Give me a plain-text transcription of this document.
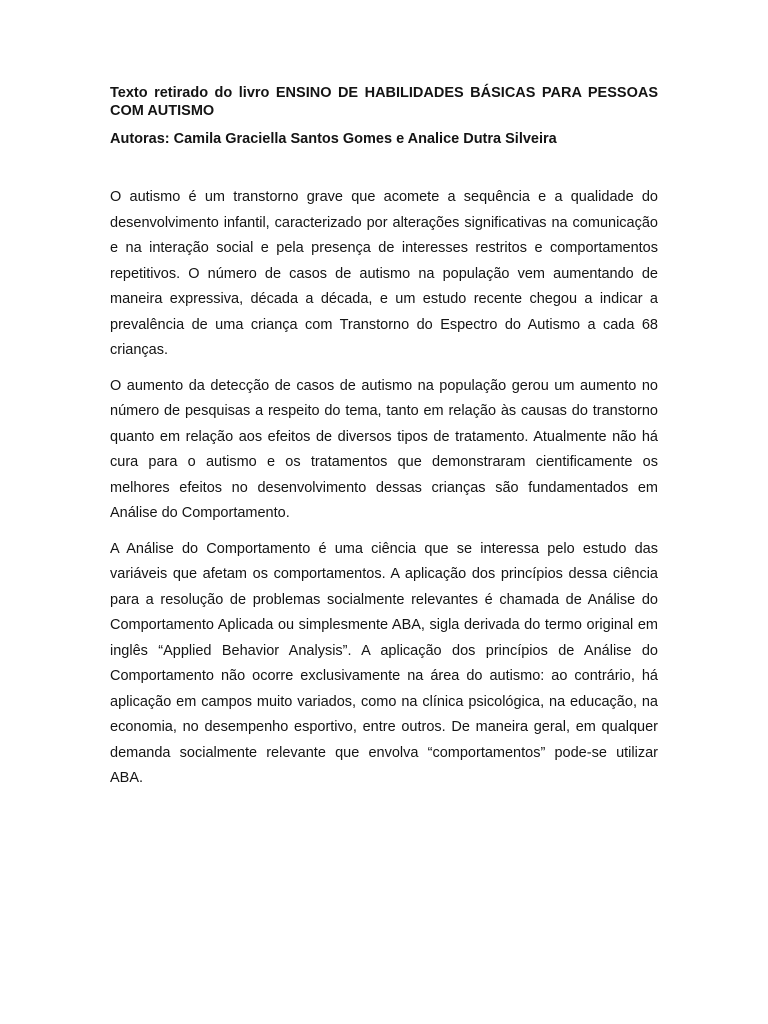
Texto retirado do livro ENSINO DE HABILIDADES BÁSICAS PARA PESSOAS COM AUTISMO

Autoras: Camila Graciella Santos Gomes e Analice Dutra Silveira

O autismo é um transtorno grave que acomete a sequência e a qualidade do desenvolvimento infantil, caracterizado por alterações significativas na comunicação e na interação social e pela presença de interesses restritos e comportamentos repetitivos. O número de casos de autismo na população vem aumentando de maneira expressiva, década a década, e um estudo recente chegou a indicar a prevalência de uma criança com Transtorno do Espectro do Autismo a cada 68 crianças.

O aumento da detecção de casos de autismo na população gerou um aumento no número de pesquisas a respeito do tema, tanto em relação às causas do transtorno quanto em relação aos efeitos de diversos tipos de tratamento. Atualmente não há cura para o autismo e os tratamentos que demonstraram cientificamente os melhores efeitos no desenvolvimento dessas crianças são fundamentados em Análise do Comportamento.

A Análise do Comportamento é uma ciência que se interessa pelo estudo das variáveis que afetam os comportamentos. A aplicação dos princípios dessa ciência para a resolução de problemas socialmente relevantes é chamada de Análise do Comportamento Aplicada ou simplesmente ABA, sigla derivada do termo original em inglês “Applied Behavior Analysis”. A aplicação dos princípios de Análise do Comportamento não ocorre exclusivamente na área do autismo: ao contrário, há aplicação em campos muito variados, como na clínica psicológica, na educação, na economia, no desempenho esportivo, entre outros. De maneira geral, em qualquer demanda socialmente relevante que envolva “comportamentos” pode-se utilizar ABA.
